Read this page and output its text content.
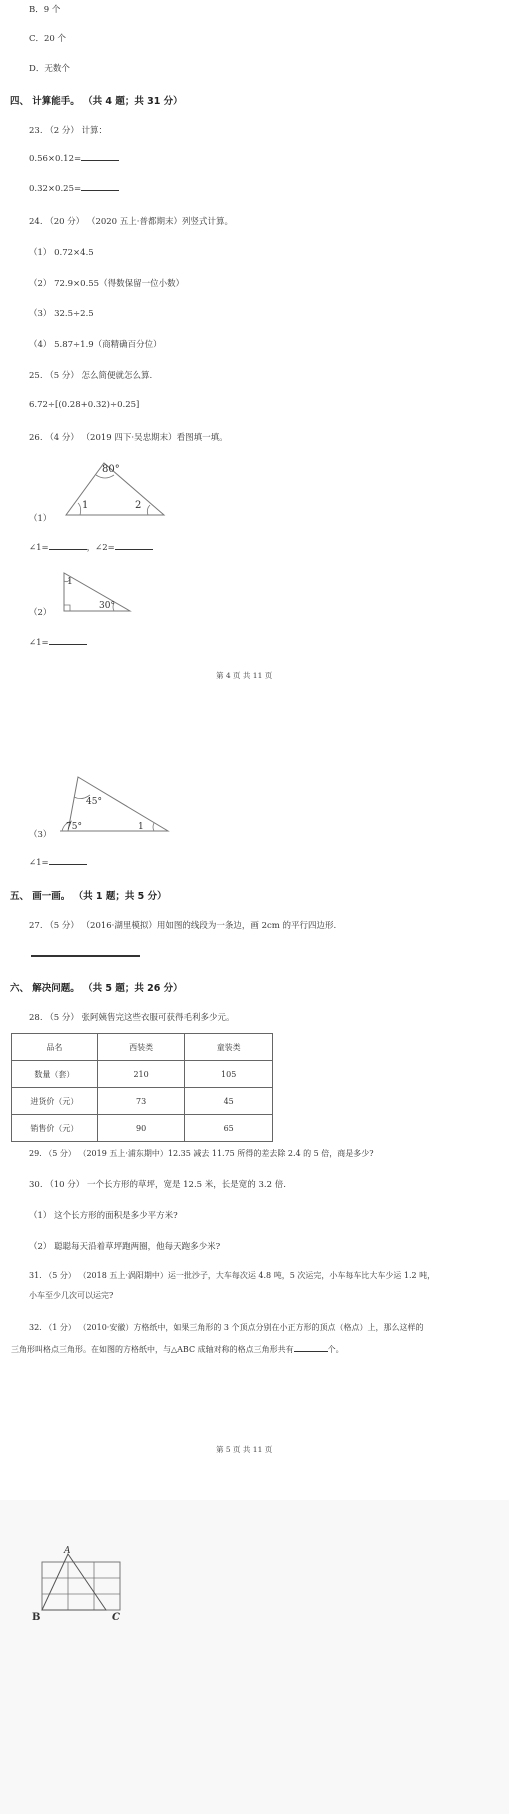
B．9 个
C．20 个
D．无数个
四、 计算能手。 （共 4 题；共 31 分）
23. （2 分） 计算：
0.56×0.12=
0.32×0.25=
24. （20 分） （2020 五上·普都期末）列竖式计算。
（1） 0.72×4.5
（2） 72.9×0.55（得数保留一位小数）
（3） 32.5÷2.5
（4） 5.87÷1.9（商精确百分位）
25. （5 分） 怎么简便就怎么算.
6.72÷[(0.28+0.32)÷0.25]
26. （4 分） （2019 四下·吴忠期末）看图填一填。
（1）
80°
1	2
∠1=	，∠2=
（2）
1
30°
∠1=
第 4 页 共 11 页
（3）
45°
75°	1
∠1=
五、 画一画。 （共 1 题；共 5 分）
27. （5 分） （2016·湖里模拟）用如图的线段为一条边，画 2cm 的平行四边形.
六、 解决问题。 （共 5 题；共 26 分）
28. （5 分） 张阿姨售完这些衣服可获得毛利多少元。
品名	西装类	童装类
数量（套）	210	105
进货价（元）	73	45
销售价（元）	90	65
29. （5 分） （2019 五上·浦东期中）12.35 减去 11.75 所得的差去除 2.4 的 5 倍，商是多少?
30. （10 分） 一个长方形的草坪，宽是 12.5 米，长是宽的 3.2 倍.
（1） 这个长方形的面积是多少平方米?
（2） 聪聪每天沿着草坪跑两圈，他每天跑多少米?
31. （5 分） （2018 五上·涡阳期中）运一批沙子，大车每次运 4.8 吨，5 次运完，小车每车比大车少运 1.2 吨，
小车至少几次可以运完?
32. （1 分） （2010·安徽）方格纸中，如果三角形的 3 个顶点分别在小正方形的顶点（格点）上，那么这样的
三角形叫格点三角形。在如图的方格纸中，与△ABC 成轴对称的格点三角形共有	个。
第 5 页 共 11 页
A
B	C
